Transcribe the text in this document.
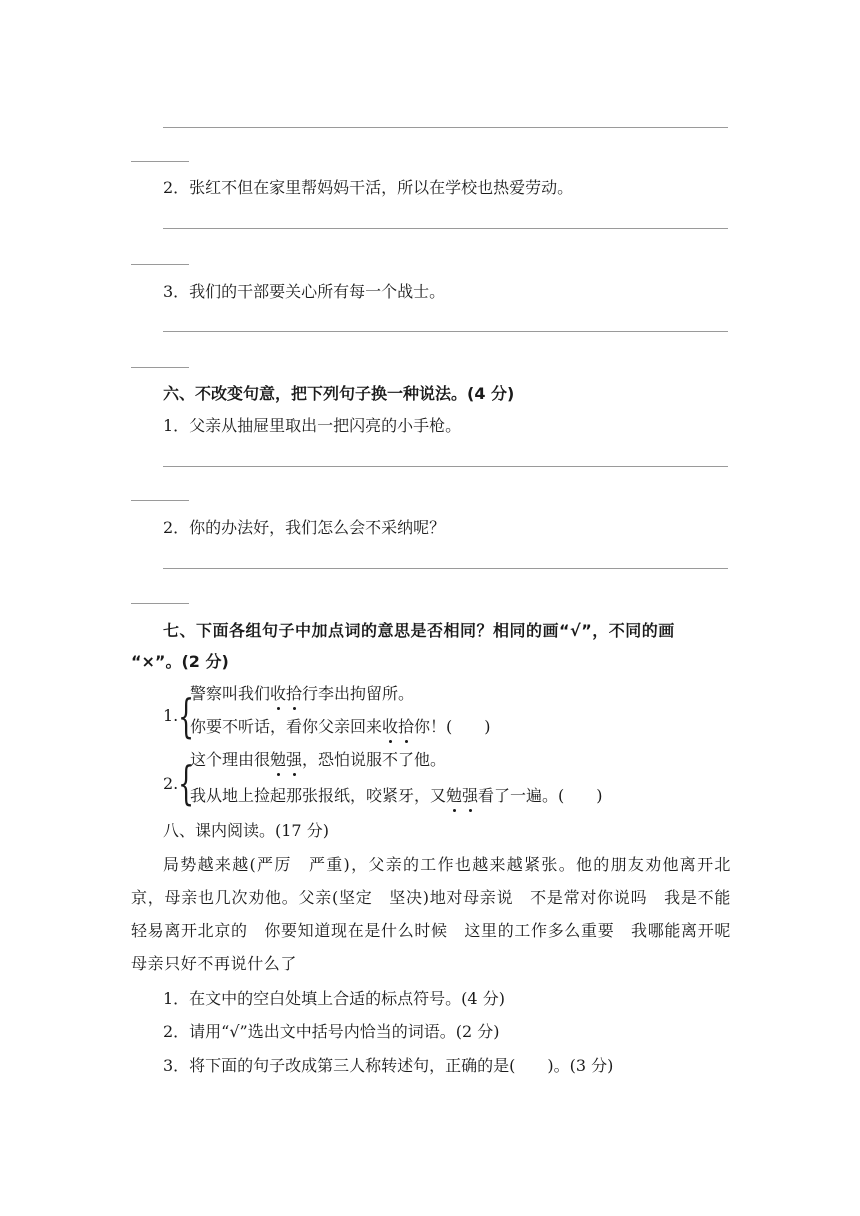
2．张红不但在家里帮妈妈干活，所以在学校也热爱劳动。
3．我们的干部要关心所有每一个战士。
六、不改变句意，把下列句子换一种说法。(4 分)
1．父亲从抽屉里取出一把闪亮的小手枪。
2．你的办法好，我们怎么会不采纳呢？
七、下面各组句子中加点词的意思是否相同？相同的画“√”，不同的画
“×”。(2 分)
1. {
警察叫我们收拾行李出拘留所。
你要不听话，看你父亲回来收拾你！(　　)
2. {
这个理由很勉强，恐怕说服不了他。
我从地上捡起那张报纸，咬紧牙，又勉强看了一遍。(　　)
八、课内阅读。(17 分)
局势越来越(严厉　严重)，父亲的工作也越来越紧张。他的朋友劝他离开北京，母亲也几次劝他。父亲(坚定　坚决)地对母亲说　不是常对你说吗　我是不能轻易离开北京的　你要知道现在是什么时候　这里的工作多么重要　我哪能离开呢　母亲只好不再说什么了
1．在文中的空白处填上合适的标点符号。(4 分)
2．请用“√”选出文中括号内恰当的词语。(2 分)
3．将下面的句子改成第三人称转述句，正确的是(　　)。(3 分)
